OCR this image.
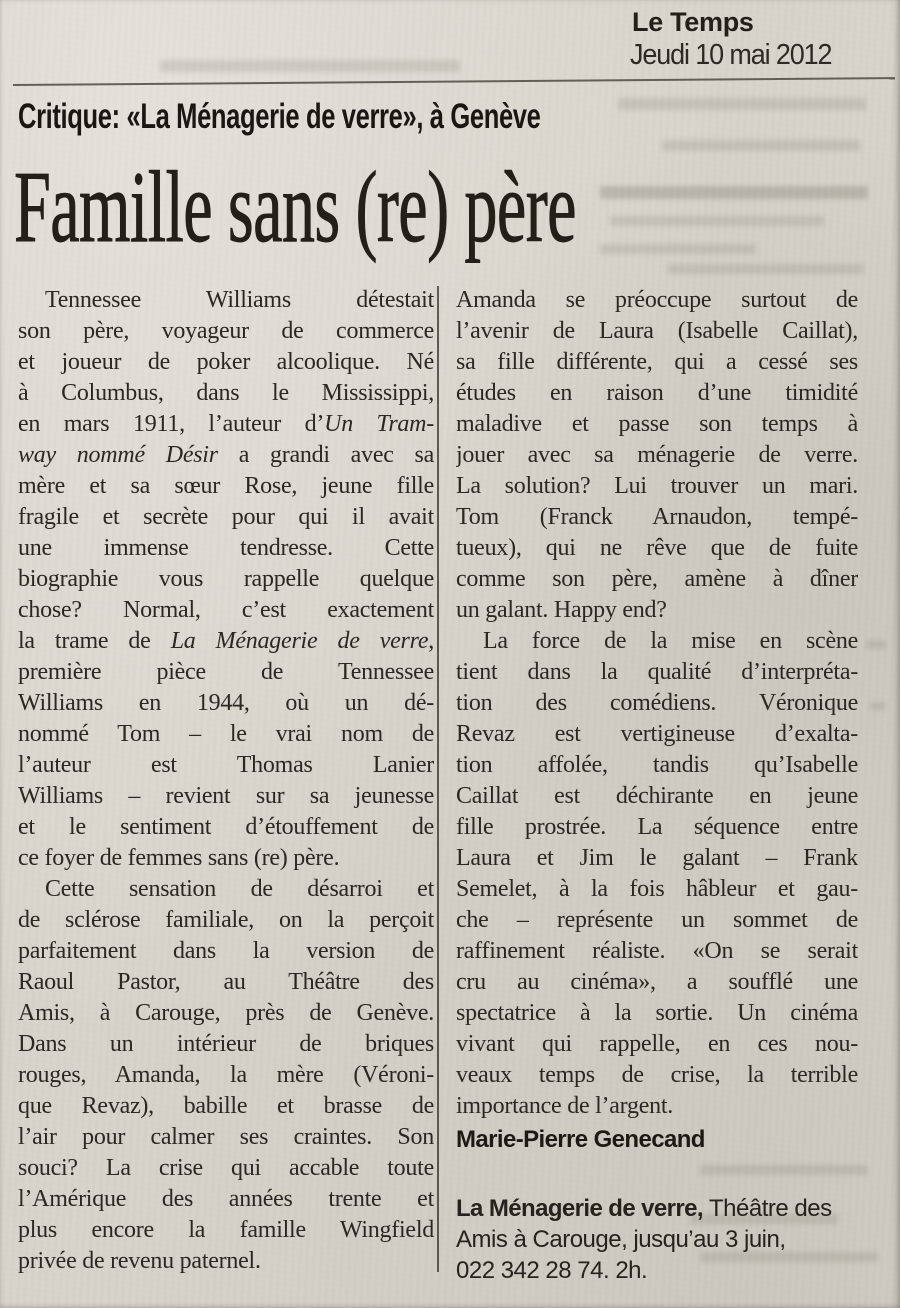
Le Temps
Jeudi 10 mai 2012
Critique: «La Ménagerie de verre», à Genève
Famille sans (re) père
Tennessee Williams détestait
son père, voyageur de commerce
et joueur de poker alcoolique. Né
à Columbus, dans le Mississippi,
en mars 1911, l’auteur d’Un Tram-
way nommé Désir a grandi avec sa
mère et sa sœur Rose, jeune fille
fragile et secrète pour qui il avait
une immense tendresse. Cette
biographie vous rappelle quelque
chose? Normal, c’est exactement
la trame de La Ménagerie de verre,
première pièce de Tennessee
Williams en 1944, où un dé-
nommé Tom – le vrai nom de
l’auteur est Thomas Lanier
Williams – revient sur sa jeunesse
et le sentiment d’étouffement de
ce foyer de femmes sans (re) père.
Cette sensation de désarroi et
de sclérose familiale, on la perçoit
parfaitement dans la version de
Raoul Pastor, au Théâtre des
Amis, à Carouge, près de Genève.
Dans un intérieur de briques
rouges, Amanda, la mère (Véroni-
que Revaz), babille et brasse de
l’air pour calmer ses craintes. Son
souci? La crise qui accable toute
l’Amérique des années trente et
plus encore la famille Wingfield
privée de revenu paternel.
Amanda se préoccupe surtout de
l’avenir de Laura (Isabelle Caillat),
sa fille différente, qui a cessé ses
études en raison d’une timidité
maladive et passe son temps à
jouer avec sa ménagerie de verre.
La solution? Lui trouver un mari.
Tom (Franck Arnaudon, tempé-
tueux), qui ne rêve que de fuite
comme son père, amène à dîner
un galant. Happy end?
La force de la mise en scène
tient dans la qualité d’interpréta-
tion des comédiens. Véronique
Revaz est vertigineuse d’exalta-
tion affolée, tandis qu’Isabelle
Caillat est déchirante en jeune
fille prostrée. La séquence entre
Laura et Jim le galant – Frank
Semelet, à la fois hâbleur et gau-
che – représente un sommet de
raffinement réaliste. «On se serait
cru au cinéma», a soufflé une
spectatrice à la sortie. Un cinéma
vivant qui rappelle, en ces nou-
veaux temps de crise, la terrible
importance de l’argent.
Marie-Pierre Genecand
La Ménagerie de verre, Théâtre des
Amis à Carouge, jusqu’au 3 juin,
022 342 28 74. 2h.
